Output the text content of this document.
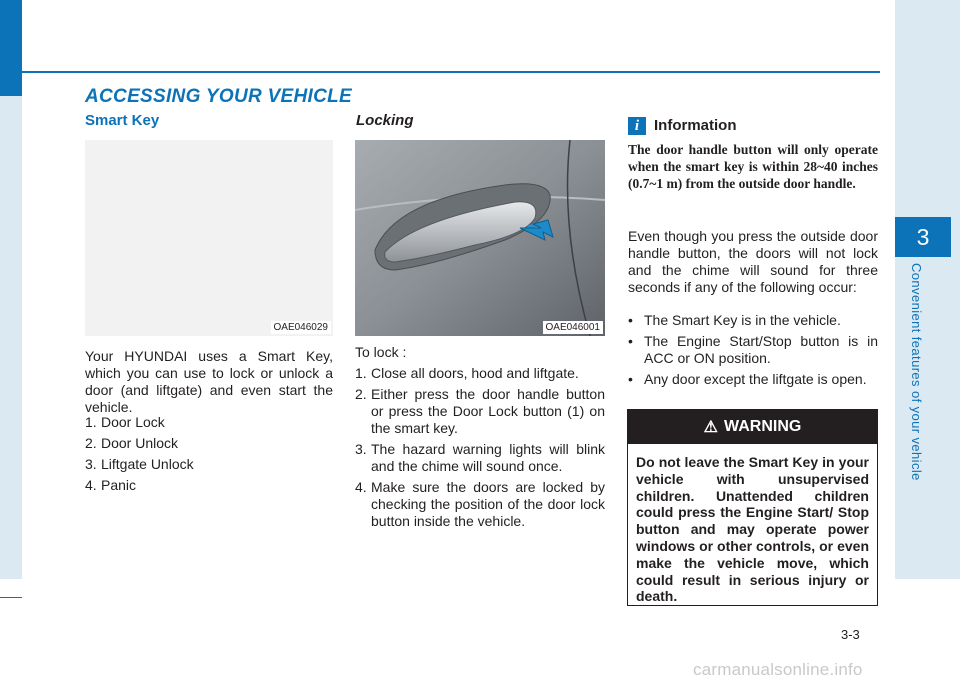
3
Convenient features of your vehicle
ACCESSING YOUR VEHICLE
Smart Key
OAE046029
Your HYUNDAI uses a Smart Key, which you can use to lock or unlock a door (and liftgate) and even start the vehicle.
1. Door Lock
2. Door Unlock
3. Liftgate Unlock
4. Panic
Locking
OAE046001
To lock :
1. Close all doors, hood and liftgate.
2. Either press the door handle button or press the Door Lock button (1) on the smart key.
3. The hazard warning lights will blink and the chime will sound once.
4. Make sure the doors are locked by checking the position of the door lock button inside the vehicle.
i Information
The door handle button will only operate when the smart key is within 28~40 inches (0.7~1 m) from the outside door handle.
Even though you press the outside door handle button, the doors will not lock and the chime will sound for three seconds if any of the following occur:
• The Smart Key is in the vehicle.
• The Engine Start/Stop button is in ACC or ON position.
• Any door except the liftgate is open.
⚠ WARNING
Do not leave the Smart Key in your vehicle with unsupervised children. Unattended children could press the Engine Start/ Stop button and may operate power windows or other controls, or even make the vehicle move, which could result in serious injury or death.
3-3
carmanualsonline.info
